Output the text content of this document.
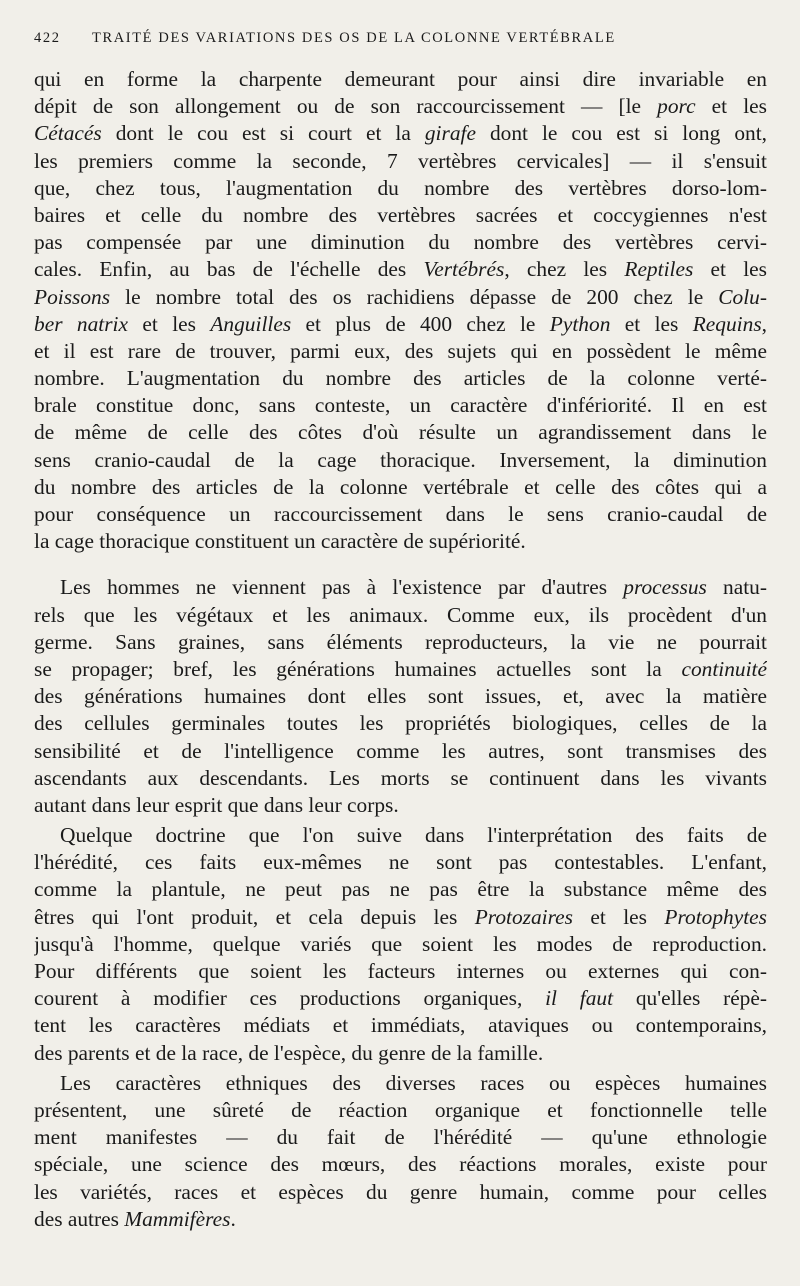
422 TRAITÉ DES VARIATIONS DES OS DE LA COLONNE VERTÉBRALE
qui en forme la charpente demeurant pour ainsi dire invariable en
dépit de son allongement ou de son raccourcissement — [le porc et les
Cétacés dont le cou est si court et la girafe dont le cou est si long ont,
les premiers comme la seconde, 7 vertèbres cervicales] — il s'ensuit
que, chez tous, l'augmentation du nombre des vertèbres dorso-lom-
baires et celle du nombre des vertèbres sacrées et coccygiennes n'est
pas compensée par une diminution du nombre des vertèbres cervi-
cales. Enfin, au bas de l'échelle des Vertébrés, chez les Reptiles et les
Poissons le nombre total des os rachidiens dépasse de 200 chez le Colu-
ber natrix et les Anguilles et plus de 400 chez le Python et les Requins,
et il est rare de trouver, parmi eux, des sujets qui en possèdent le même
nombre. L'augmentation du nombre des articles de la colonne verté-
brale constitue donc, sans conteste, un caractère d'infériorité. Il en est
de même de celle des côtes d'où résulte un agrandissement dans le
sens cranio-caudal de la cage thoracique. Inversement, la diminution
du nombre des articles de la colonne vertébrale et celle des côtes qui a
pour conséquence un raccourcissement dans le sens cranio-caudal de
la cage thoracique constituent un caractère de supériorité.
Les hommes ne viennent pas à l'existence par d'autres processus natu-
rels que les végétaux et les animaux. Comme eux, ils procèdent d'un
germe. Sans graines, sans éléments reproducteurs, la vie ne pourrait
se propager; bref, les générations humaines actuelles sont la continuité
des générations humaines dont elles sont issues, et, avec la matière
des cellules germinales toutes les propriétés biologiques, celles de la
sensibilité et de l'intelligence comme les autres, sont transmises des
ascendants aux descendants. Les morts se continuent dans les vivants
autant dans leur esprit que dans leur corps.
Quelque doctrine que l'on suive dans l'interprétation des faits de
l'hérédité, ces faits eux-mêmes ne sont pas contestables. L'enfant,
comme la plantule, ne peut pas ne pas être la substance même des
êtres qui l'ont produit, et cela depuis les Protozaires et les Protophytes
jusqu'à l'homme, quelque variés que soient les modes de reproduction.
Pour différents que soient les facteurs internes ou externes qui con-
courent à modifier ces productions organiques, il faut qu'elles répè-
tent les caractères médiats et immédiats, ataviques ou contemporains,
des parents et de la race, de l'espèce, du genre de la famille.
Les caractères ethniques des diverses races ou espèces humaines
présentent, une sûreté de réaction organique et fonctionnelle telle
ment manifestes — du fait de l'hérédité — qu'une ethnologie
spéciale, une science des mœurs, des réactions morales, existe pour
les variétés, races et espèces du genre humain, comme pour celles
des autres Mammifères.
